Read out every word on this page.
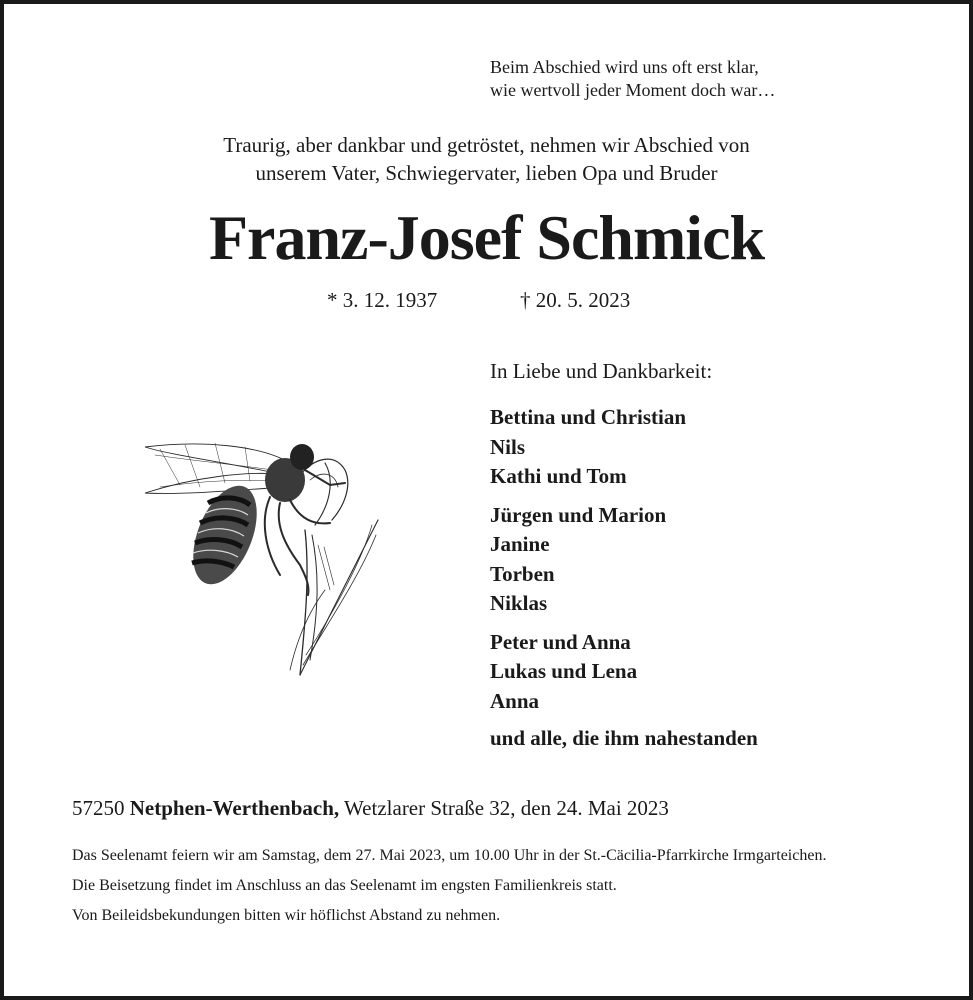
Beim Abschied wird uns oft erst klar,
wie wertvoll jeder Moment doch war…
Traurig, aber dankbar und getröstet, nehmen wir Abschied von
unserem Vater, Schwiegervater, lieben Opa und Bruder
Franz-Josef Schmick
* 3. 12. 1937	† 20. 5. 2023
In Liebe und Dankbarkeit:
Bettina und Christian
Nils
Kathi und Tom
Jürgen und Marion
Janine
Torben
Niklas
Peter und Anna
Lukas und Lena
Anna
und alle, die ihm nahestanden
57250 Netphen-Werthenbach, Wetzlarer Straße 32, den 24. Mai 2023

Das Seelenamt feiern wir am Samstag, dem 27. Mai 2023, um 10.00 Uhr in der St.-Cäcilia-Pfarrkirche Irmgarteichen.

Die Beisetzung findet im Anschluss an das Seelenamt im engsten Familienkreis statt.

Von Beileidsbekundungen bitten wir höflichst Abstand zu nehmen.
